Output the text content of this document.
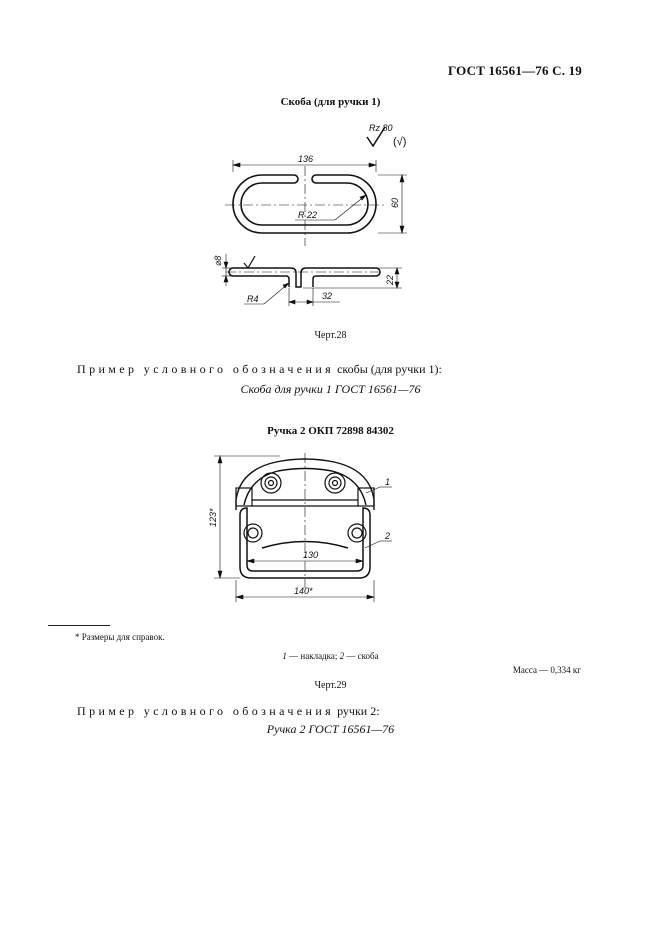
ГОСТ 16561—76 С. 19
Скоба (для ручки 1)
Rz 80
(√)
136
60
R 22
⌀8
22
32
R4
Черт.28
Пример условного обозначения скобы (для ручки 1):
Скоба для ручки 1 ГОСТ 16561—76
Ручка 2 ОКП 72898 84302
123*
130
140*
1
2
* Размеры для справок.
1 — накладка; 2 — скоба
Масса — 0,334 кг
Черт.29
Пример условного обозначения ручки 2:
Ручка 2 ГОСТ 16561—76
